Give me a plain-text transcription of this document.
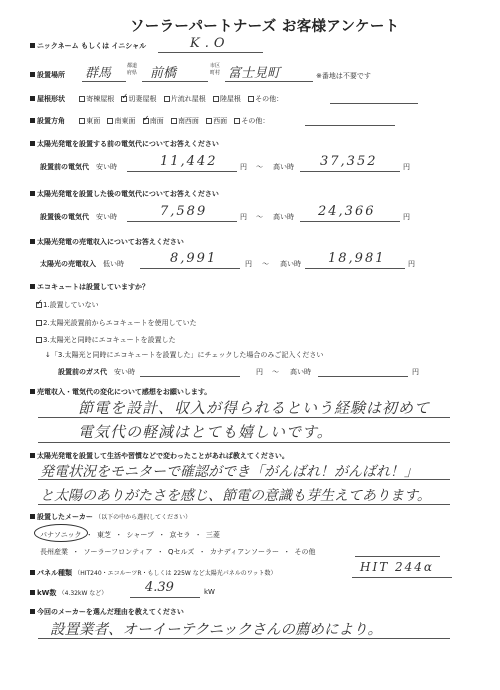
ソーラーパートナーズ お客様アンケート
ニックネーム もしくは イニシャル	K.O
設置場所 群馬	都道府県 前橋	市区町村 富士見町	※番地は不要です
屋根形状	寄棟屋根 ✓ 切妻屋根 片流れ屋根 陸屋根 その他：
設置方角	東面 南東面 ✓ 南面 南西面 西面 その他：
太陽光発電を設置する前の電気代についてお答えください
設置前の電気代　 安い時	11,442	円 〜 高い時 37,352	円
太陽光発電を設置した後の電気代についてお答えください
設置後の電気代　 安い時	7,589	円 〜 高い時 24,366	円
太陽光発電の売電収入についてお答えください
太陽光の売電収入　 低い時	8,991	円 〜 高い時 18,981	円
エコキュートは設置していますか？
✓1.設置していない
2.太陽光設置前からエコキュートを使用していた
3.太陽光と同時にエコキュートを設置した
↓「3.太陽光と同時にエコキュートを設置した」にチェックした場合のみご記入ください
設置前のガス代　 安い時	円 〜 高い時	円
売電収入・電気代の変化について感想をお願いします。
節電を設計、収入が得られるという経験は初めて
電気代の軽減はとても嬉しいです。
太陽光発電を設置して生活や習慣などで変わったことがあれば教えてください。
発電状況をモニターで確認ができ「がんばれ！がんばれ！」
と太陽のありがたさを感じ、節電の意識も芽生えてあります。
設置したメーカー （以下の中から選択してください）
パナソニック ・ 東芝 ・ シャープ ・ 京セラ ・ 三菱
長州産業 ・ ソーラーフロンティア ・ Qセルズ ・ カナディアンソーラー ・ その他
パネル種類 （HIT240・エコルーツR・もしくは 225W など太陽光パネルのワット数）	HIT 244α
kW数 （4.32kW など）	4.39	kW
今回のメーカーを選んだ理由を教えてください
設置業者、オーイーテクニックさんの薦めにより。
